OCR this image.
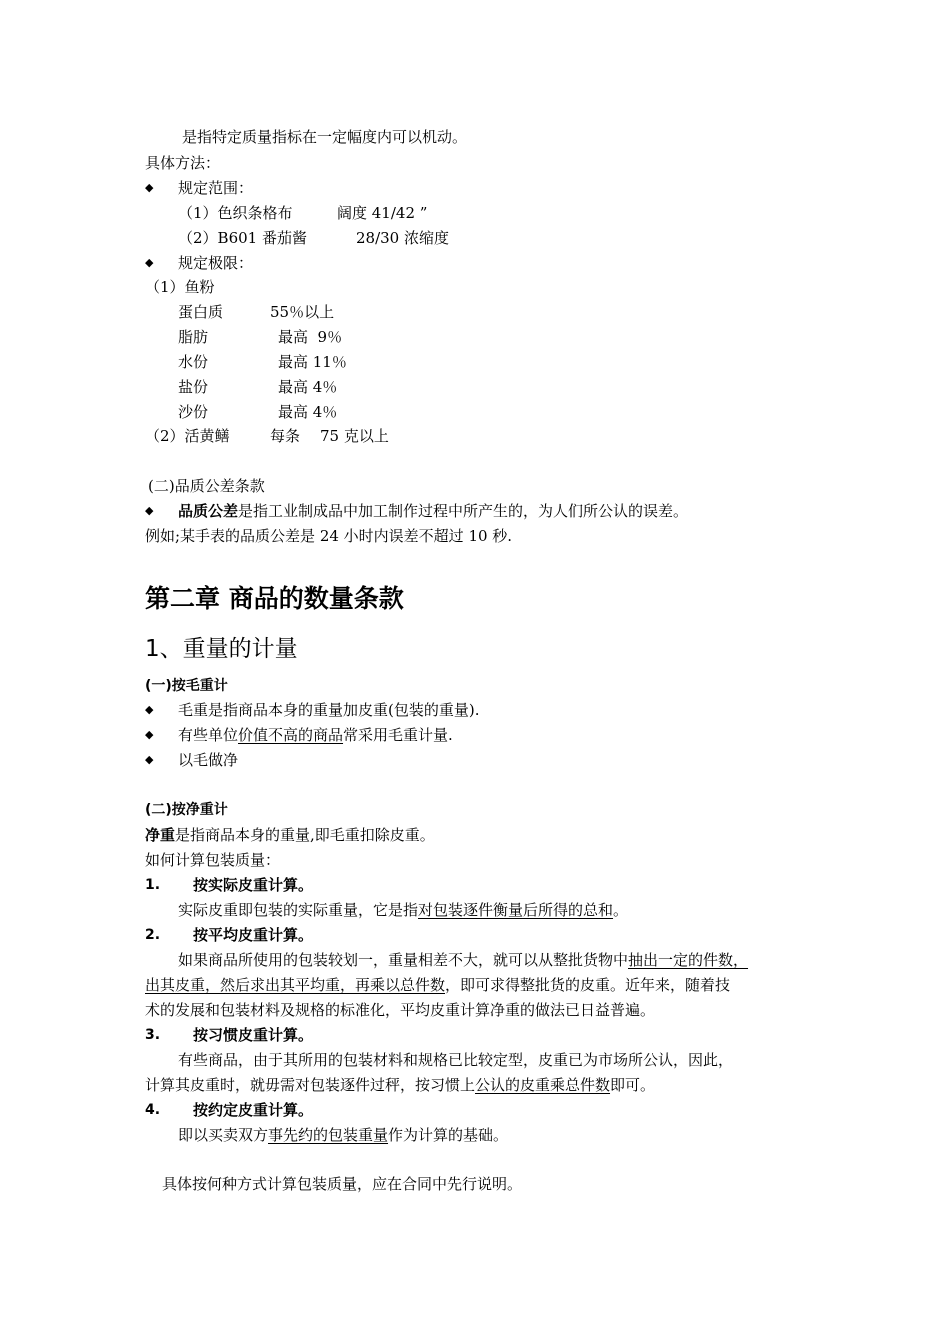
是指特定质量指标在一定幅度内可以机动。
具体方法：
◆ 规定范围：
（1）色织条格布	阔度 41/42 ”
（2）B601 番茄酱	28/30 浓缩度
◆ 规定极限：
（1）鱼粉
蛋白质	55％以上
脂肪	最高  9％
水份	最高 11％
盐份	最高 4％
沙份	最高 4％
（2）活黄鳝	每条 75 克以上
(二)品质公差条款
◆ 品质公差是指工业制成品中加工制作过程中所产生的，为人们所公认的误差。
例如;某手表的品质公差是 24 小时内误差不超过 10 秒.
第二章 商品的数量条款
1、重量的计量
(一)按毛重计
◆ 毛重是指商品本身的重量加皮重(包装的重量).
◆ 有些单位价值不高的商品常采用毛重计量.
◆ 以毛做净
(二)按净重计
净重是指商品本身的重量,即毛重扣除皮重。
如何计算包装质量：
1. 按实际皮重计算。
实际皮重即包装的实际重量，它是指对包装逐件衡量后所得的总和。
2. 按平均皮重计算。
如果商品所使用的包装较划一，重量相差不大，就可以从整批货物中抽出一定的件数，
出其皮重，然后求出其平均重，再乘以总件数，即可求得整批货的皮重。近年来，随着技
术的发展和包装材料及规格的标准化，平均皮重计算净重的做法已日益普遍。
3. 按习惯皮重计算。
有些商品，由于其所用的包装材料和规格已比较定型，皮重已为市场所公认，因此，
计算其皮重时，就毋需对包装逐件过秤，按习惯上公认的皮重乘总件数即可。
4. 按约定皮重计算。
即以买卖双方事先约的包装重量作为计算的基础。
具体按何种方式计算包装质量，应在合同中先行说明。
